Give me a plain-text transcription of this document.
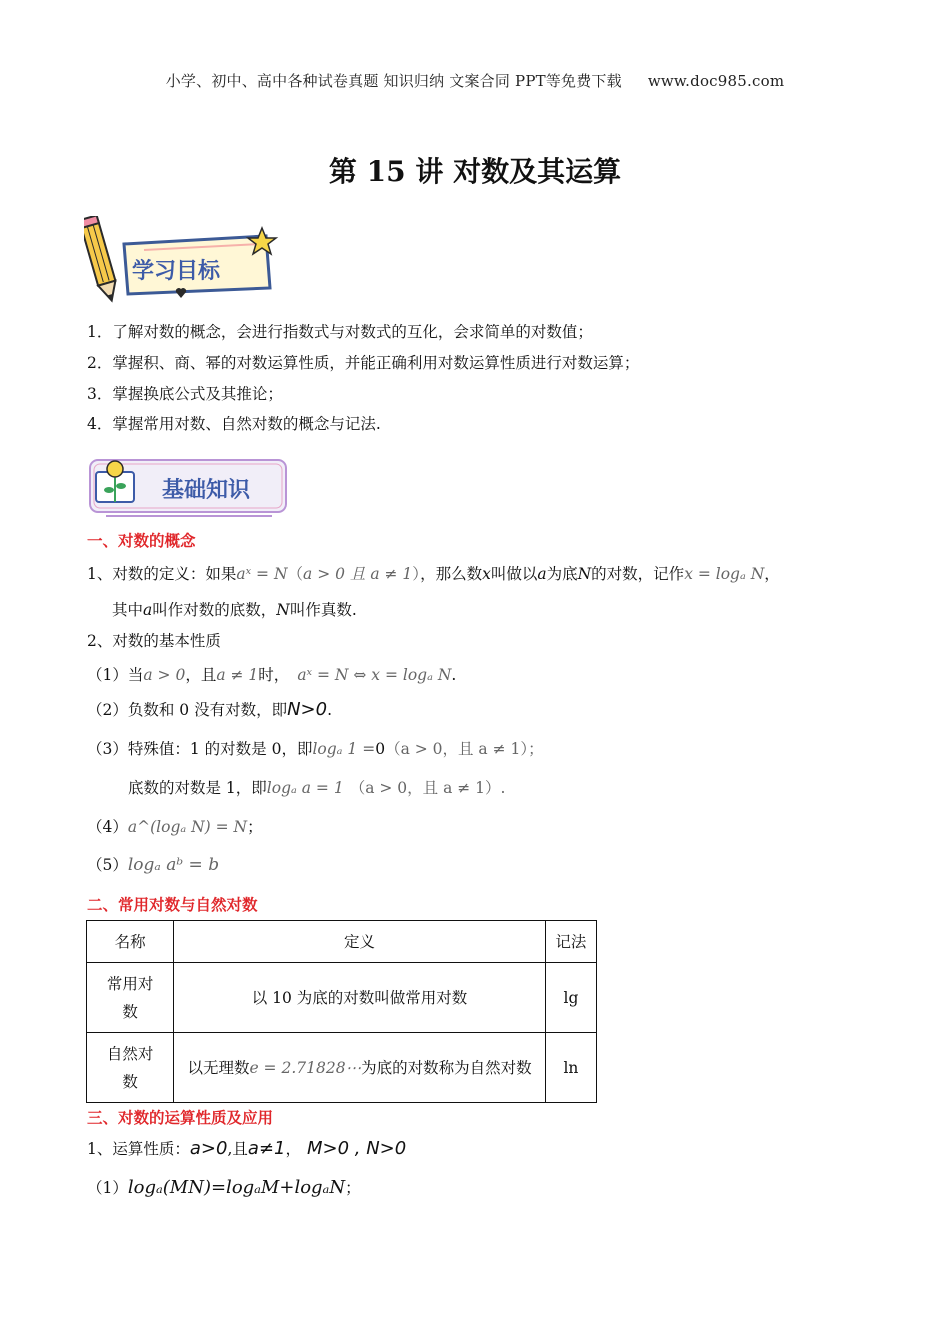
小学、初中、高中各种试卷真题 知识归纳 文案合同 PPT等免费下载 www.doc985.com
第 15 讲 对数及其运算
学习目标
1．了解对数的概念，会进行指数式与对数式的互化，会求简单的对数值；
2．掌握积、商、幂的对数运算性质，并能正确利用对数运算性质进行对数运算；
3．掌握换底公式及其推论；
4．掌握常用对数、自然对数的概念与记法.
基础知识
一、对数的概念
1、对数的定义：如果aˣ = N（a > 0 且 a ≠ 1），那么数x叫做以a为底N的对数，记作x = logₐ N，
其中a叫作对数的底数，N叫作真数.
2、对数的基本性质
（1）当a > 0，且a ≠ 1时， aˣ = N ⇔ x = logₐ N.
（2）负数和 0 没有对数，即N>0.
（3）特殊值：1 的对数是 0，即logₐ 1 =0（a > 0，且 a ≠ 1）；
底数的对数是 1，即logₐ a = 1 （a > 0，且 a ≠ 1）.
（4）a^(logₐ N) = N；
（5）logₐ aᵇ = b
二、常用对数与自然对数
名称	定义	记法
常用对
数	以 10 为底的对数叫做常用对数	lg
自然对
数	以无理数e = 2.71828⋯为底的对数称为自然对数	ln
三、对数的运算性质及应用
1、运算性质：a>0,且a≠1， M>0 , N>0
（1）logₐ(MN)=logₐM+logₐN；
